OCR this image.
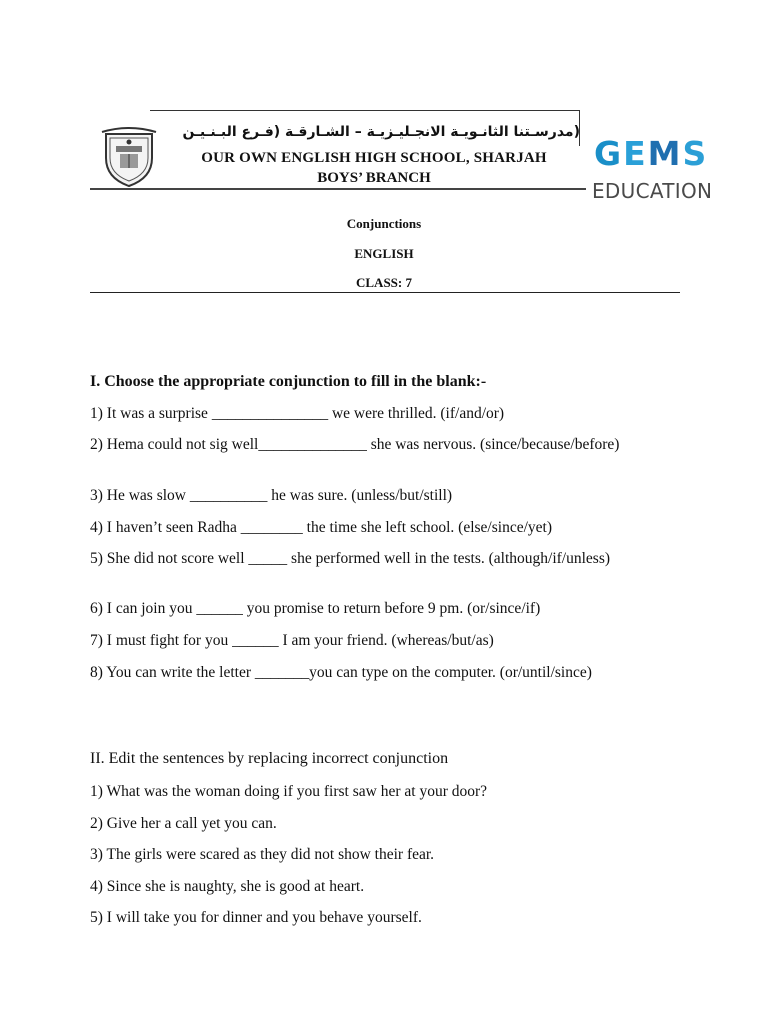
(مدرسـتنا الثانـويـة الانجـليـزيـة – الشـارقـة (فـرع البـنـيـن
OUR OWN ENGLISH HIGH SCHOOL, SHARJAH
BOYS’ BRANCH
G E M S
EDUCATION
Conjunctions
ENGLISH
CLASS: 7
I. Choose the appropriate conjunction to fill in the blank:-
1) It was a surprise _______________ we were thrilled. (if/and/or)
2) Hema could not sig well______________ she was nervous. (since/because/before)
3) He was slow __________ he was sure. (unless/but/still)
4) I haven’t seen Radha ________ the time she left school. (else/since/yet)
5) She did not score well _____ she performed well in the tests. (although/if/unless)
6) I can join you ______ you promise to return before 9 pm. (or/since/if)
7) I must fight for you ______ I am your friend. (whereas/but/as)
8) You can write the letter _______you can type on the computer. (or/until/since)
II. Edit the sentences by replacing incorrect conjunction
1) What was the woman doing if you first saw her at your door?
2) Give her a call yet you can.
3) The girls were scared as they did not show their fear.
4) Since she is naughty, she is good at heart.
5) I will take you for dinner and you behave yourself.
